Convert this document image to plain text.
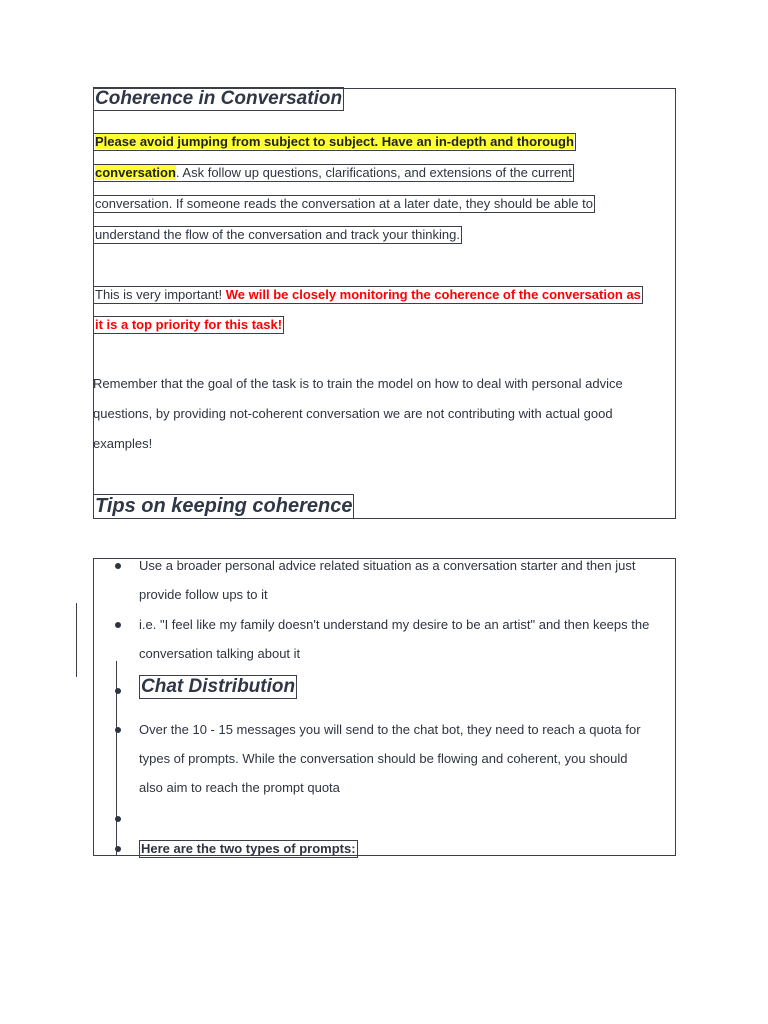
Coherence in Conversation
Please avoid jumping from subject to subject. Have an in-depth and thorough
conversation. Ask follow up questions, clarifications, and extensions of the current
conversation. If someone reads the conversation at a later date, they should be able to
understand the flow of the conversation and track your thinking.
This is very important! We will be closely monitoring the coherence of the conversation as
it is a top priority for this task!
Remember that the goal of the task is to train the model on how to deal with personal advice
questions, by providing not-coherent conversation we are not contributing with actual good
examples!
Tips on keeping coherence
Use a broader personal advice related situation as a conversation starter and then just
provide follow ups to it
i.e. "I feel like my family doesn't understand my desire to be an artist" and then keeps the
conversation talking about it
Chat Distribution
Over the 10 - 15 messages you will send to the chat bot, they need to reach a quota for
types of prompts. While the conversation should be flowing and coherent, you should
also aim to reach the prompt quota
Here are the two types of prompts:
